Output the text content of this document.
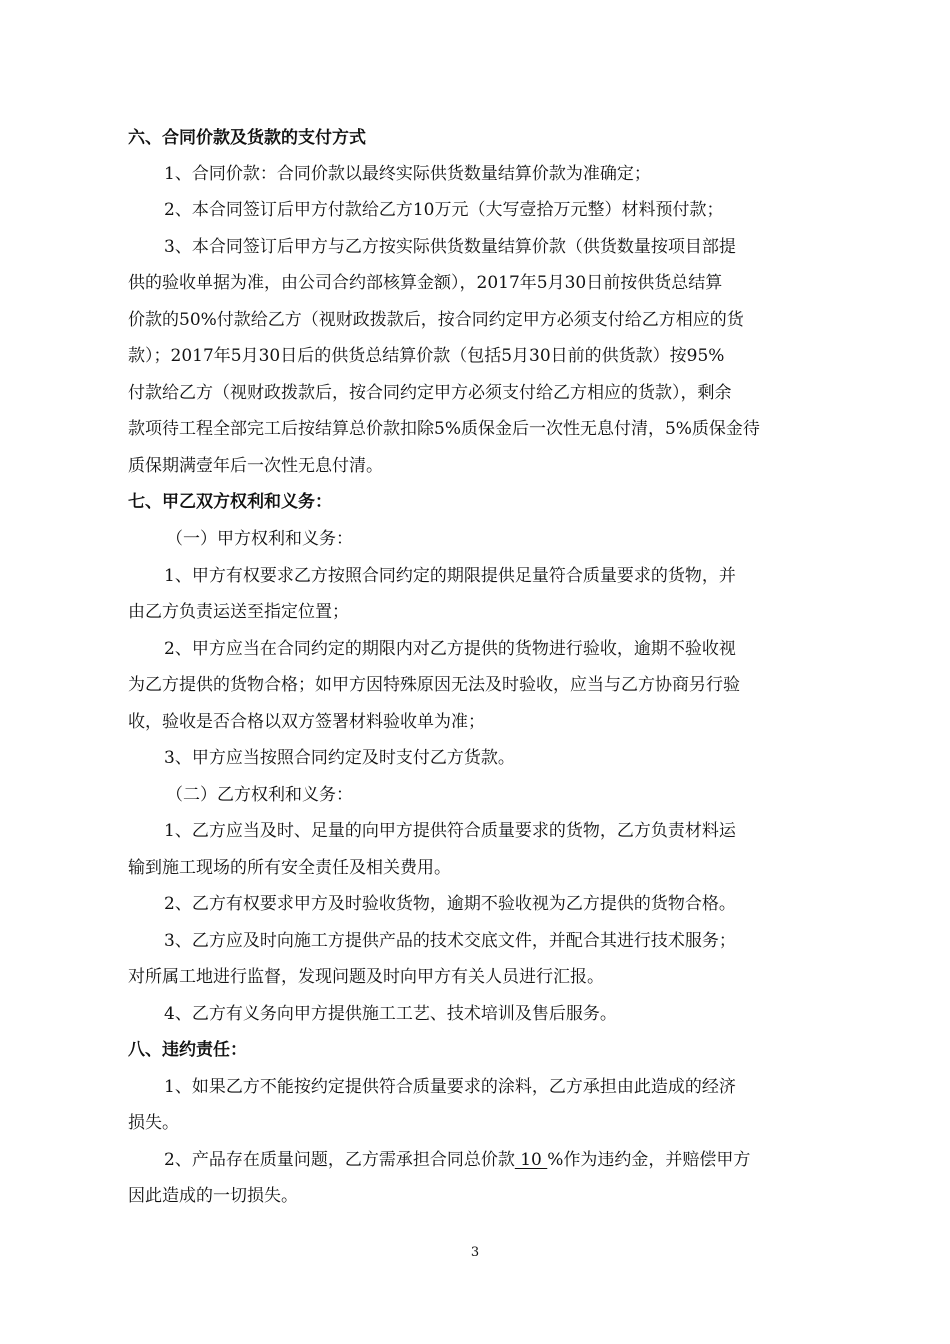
六、合同价款及货款的支付方式
1、合同价款：合同价款以最终实际供货数量结算价款为准确定；
2、本合同签订后甲方付款给乙方10万元（大写壹拾万元整）材料预付款；
3、本合同签订后甲方与乙方按实际供货数量结算价款（供货数量按项目部提
供的验收单据为准，由公司合约部核算金额），2017年5月30日前按供货总结算
价款的50%付款给乙方（视财政拨款后，按合同约定甲方必须支付给乙方相应的货
款）；2017年5月30日后的供货总结算价款（包括5月30日前的供货款）按95%
付款给乙方（视财政拨款后，按合同约定甲方必须支付给乙方相应的货款），剩余
款项待工程全部完工后按结算总价款扣除5%质保金后一次性无息付清，5%质保金待
质保期满壹年后一次性无息付清。
七、甲乙双方权利和义务：
（一）甲方权利和义务：
1、甲方有权要求乙方按照合同约定的期限提供足量符合质量要求的货物，并
由乙方负责运送至指定位置；
2、甲方应当在合同约定的期限内对乙方提供的货物进行验收，逾期不验收视
为乙方提供的货物合格；如甲方因特殊原因无法及时验收，应当与乙方协商另行验
收，验收是否合格以双方签署材料验收单为准；
3、甲方应当按照合同约定及时支付乙方货款。
（二）乙方权利和义务：
1、乙方应当及时、足量的向甲方提供符合质量要求的货物，乙方负责材料运
输到施工现场的所有安全责任及相关费用。
2、乙方有权要求甲方及时验收货物，逾期不验收视为乙方提供的货物合格。
3、乙方应及时向施工方提供产品的技术交底文件，并配合其进行技术服务；
对所属工地进行监督，发现问题及时向甲方有关人员进行汇报。
4、乙方有义务向甲方提供施工工艺、技术培训及售后服务。
八、违约责任：
1、如果乙方不能按约定提供符合质量要求的涂料，乙方承担由此造成的经济
损失。
2、产品存在质量问题，乙方需承担合同总价款 10 %作为违约金，并赔偿甲方
因此造成的一切损失。
3
